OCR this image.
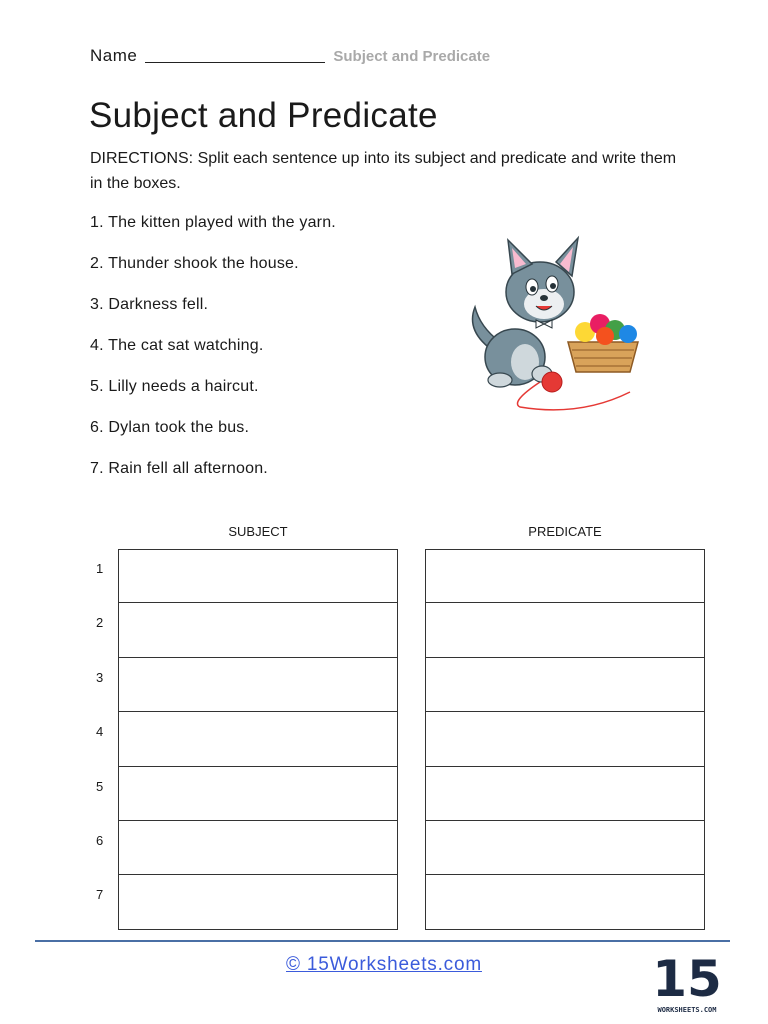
Name	Subject and Predicate
Subject and Predicate
DIRECTIONS: Split each sentence up into its subject and predicate and write them in the boxes.
1. The kitten played with the yarn.
2. Thunder shook the house.
3. Darkness fell.
4. The cat sat watching.
5. Lilly needs a haircut.
6. Dylan took the bus.
7. Rain fell all afternoon.
SUBJECT	PREDICATE
1
2
3
4
5
6
7
© 15Worksheets.com	15
WORKSHEETS.COM
